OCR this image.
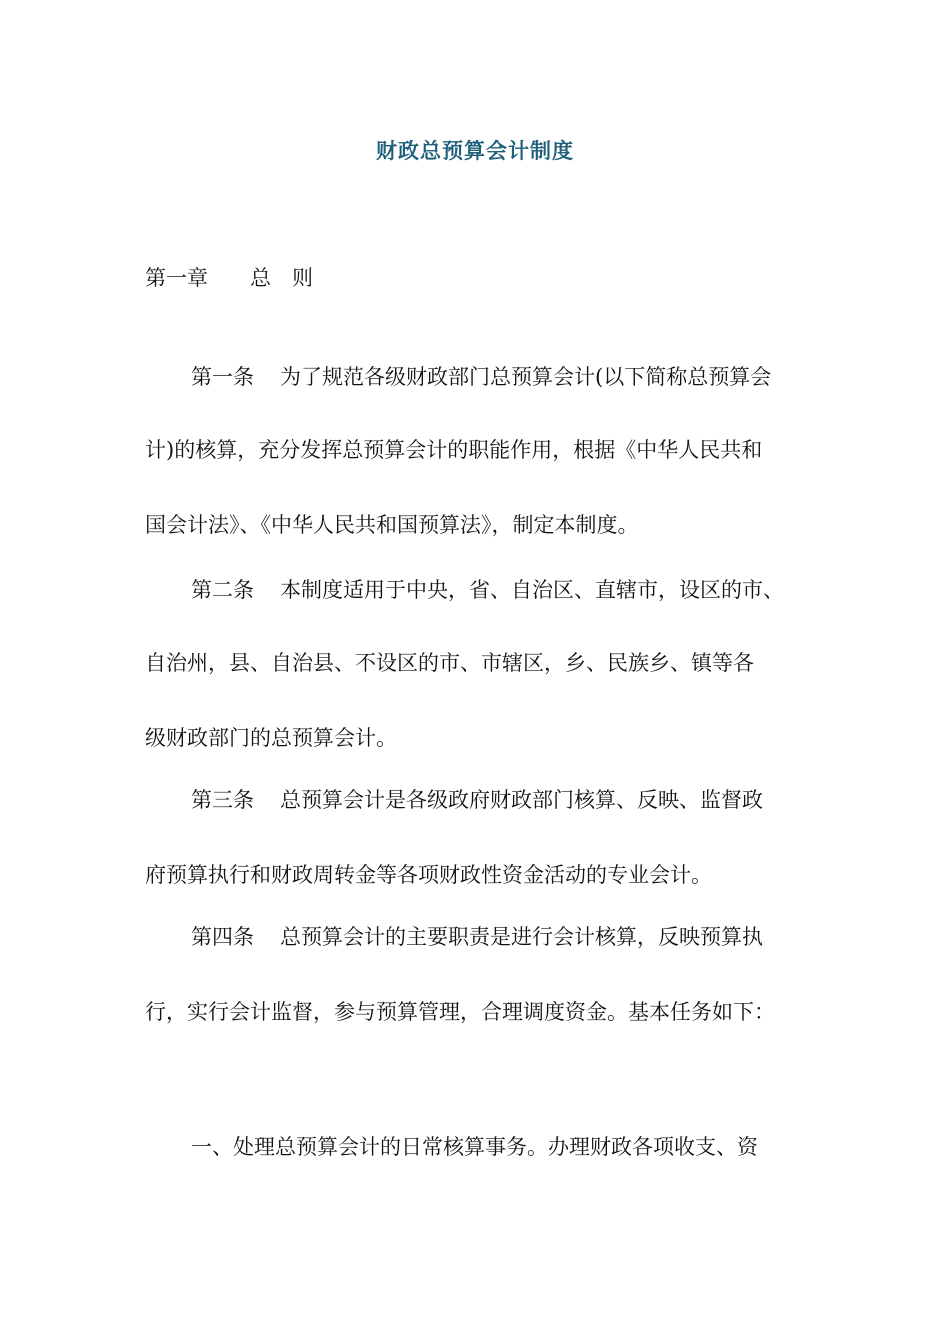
财政总预算会计制度
第一章　　总　则
第一条 为了规范各级财政部门总预算会计(以下简称总预算会
计)的核算，充分发挥总预算会计的职能作用，根据《中华人民共和
国会计法》、《中华人民共和国预算法》，制定本制度。
第二条 本制度适用于中央，省、自治区、直辖市，设区的市、
自治州，县、自治县、不设区的市、市辖区，乡、民族乡、镇等各
级财政部门的总预算会计。
第三条 总预算会计是各级政府财政部门核算、反映、监督政
府预算执行和财政周转金等各项财政性资金活动的专业会计。
第四条 总预算会计的主要职责是进行会计核算，反映预算执
行，实行会计监督，参与预算管理，合理调度资金。基本任务如下：
一、处理总预算会计的日常核算事务。办理财政各项收支、资
